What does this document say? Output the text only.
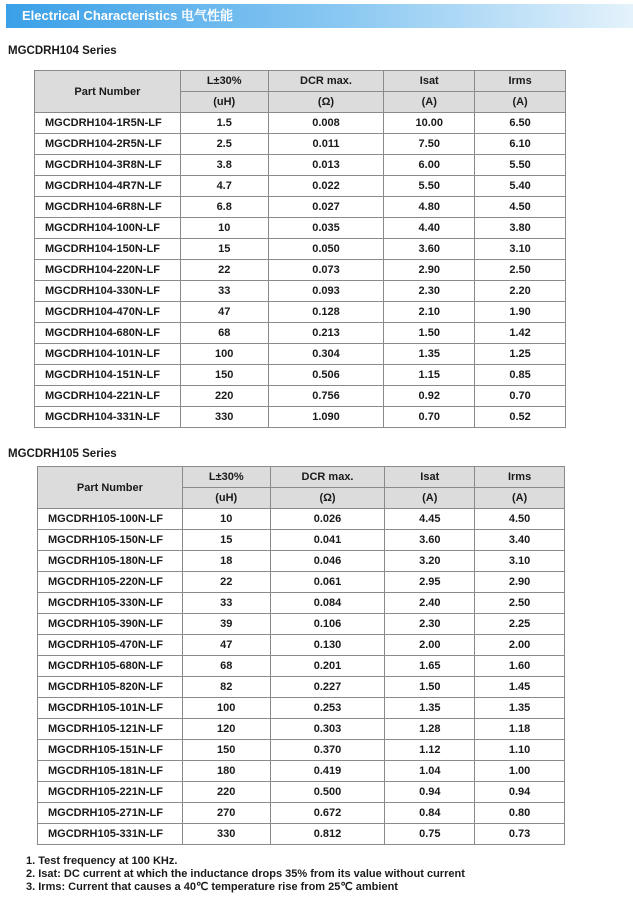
Electrical Characteristics 电气性能
MGCDRH104 Series
Part Number	L±30%	DCR max.	Isat	Irms
	(uH)	(Ω)	(A)	(A)
MGCDRH104-1R5N-LF	1.5	0.008	10.00	6.50
MGCDRH104-2R5N-LF	2.5	0.011	7.50	6.10
MGCDRH104-3R8N-LF	3.8	0.013	6.00	5.50
MGCDRH104-4R7N-LF	4.7	0.022	5.50	5.40
MGCDRH104-6R8N-LF	6.8	0.027	4.80	4.50
MGCDRH104-100N-LF	10	0.035	4.40	3.80
MGCDRH104-150N-LF	15	0.050	3.60	3.10
MGCDRH104-220N-LF	22	0.073	2.90	2.50
MGCDRH104-330N-LF	33	0.093	2.30	2.20
MGCDRH104-470N-LF	47	0.128	2.10	1.90
MGCDRH104-680N-LF	68	0.213	1.50	1.42
MGCDRH104-101N-LF	100	0.304	1.35	1.25
MGCDRH104-151N-LF	150	0.506	1.15	0.85
MGCDRH104-221N-LF	220	0.756	0.92	0.70
MGCDRH104-331N-LF	330	1.090	0.70	0.52
MGCDRH105 Series
Part Number	L±30%	DCR max.	Isat	Irms
	(uH)	(Ω)	(A)	(A)
MGCDRH105-100N-LF	10	0.026	4.45	4.50
MGCDRH105-150N-LF	15	0.041	3.60	3.40
MGCDRH105-180N-LF	18	0.046	3.20	3.10
MGCDRH105-220N-LF	22	0.061	2.95	2.90
MGCDRH105-330N-LF	33	0.084	2.40	2.50
MGCDRH105-390N-LF	39	0.106	2.30	2.25
MGCDRH105-470N-LF	47	0.130	2.00	2.00
MGCDRH105-680N-LF	68	0.201	1.65	1.60
MGCDRH105-820N-LF	82	0.227	1.50	1.45
MGCDRH105-101N-LF	100	0.253	1.35	1.35
MGCDRH105-121N-LF	120	0.303	1.28	1.18
MGCDRH105-151N-LF	150	0.370	1.12	1.10
MGCDRH105-181N-LF	180	0.419	1.04	1.00
MGCDRH105-221N-LF	220	0.500	0.94	0.94
MGCDRH105-271N-LF	270	0.672	0.84	0.80
MGCDRH105-331N-LF	330	0.812	0.75	0.73
1. Test frequency at 100 KHz.
2. Isat: DC current at which the inductance drops 35% from its value without current
3. Irms: Current that causes a 40℃ temperature rise from 25℃ ambient
